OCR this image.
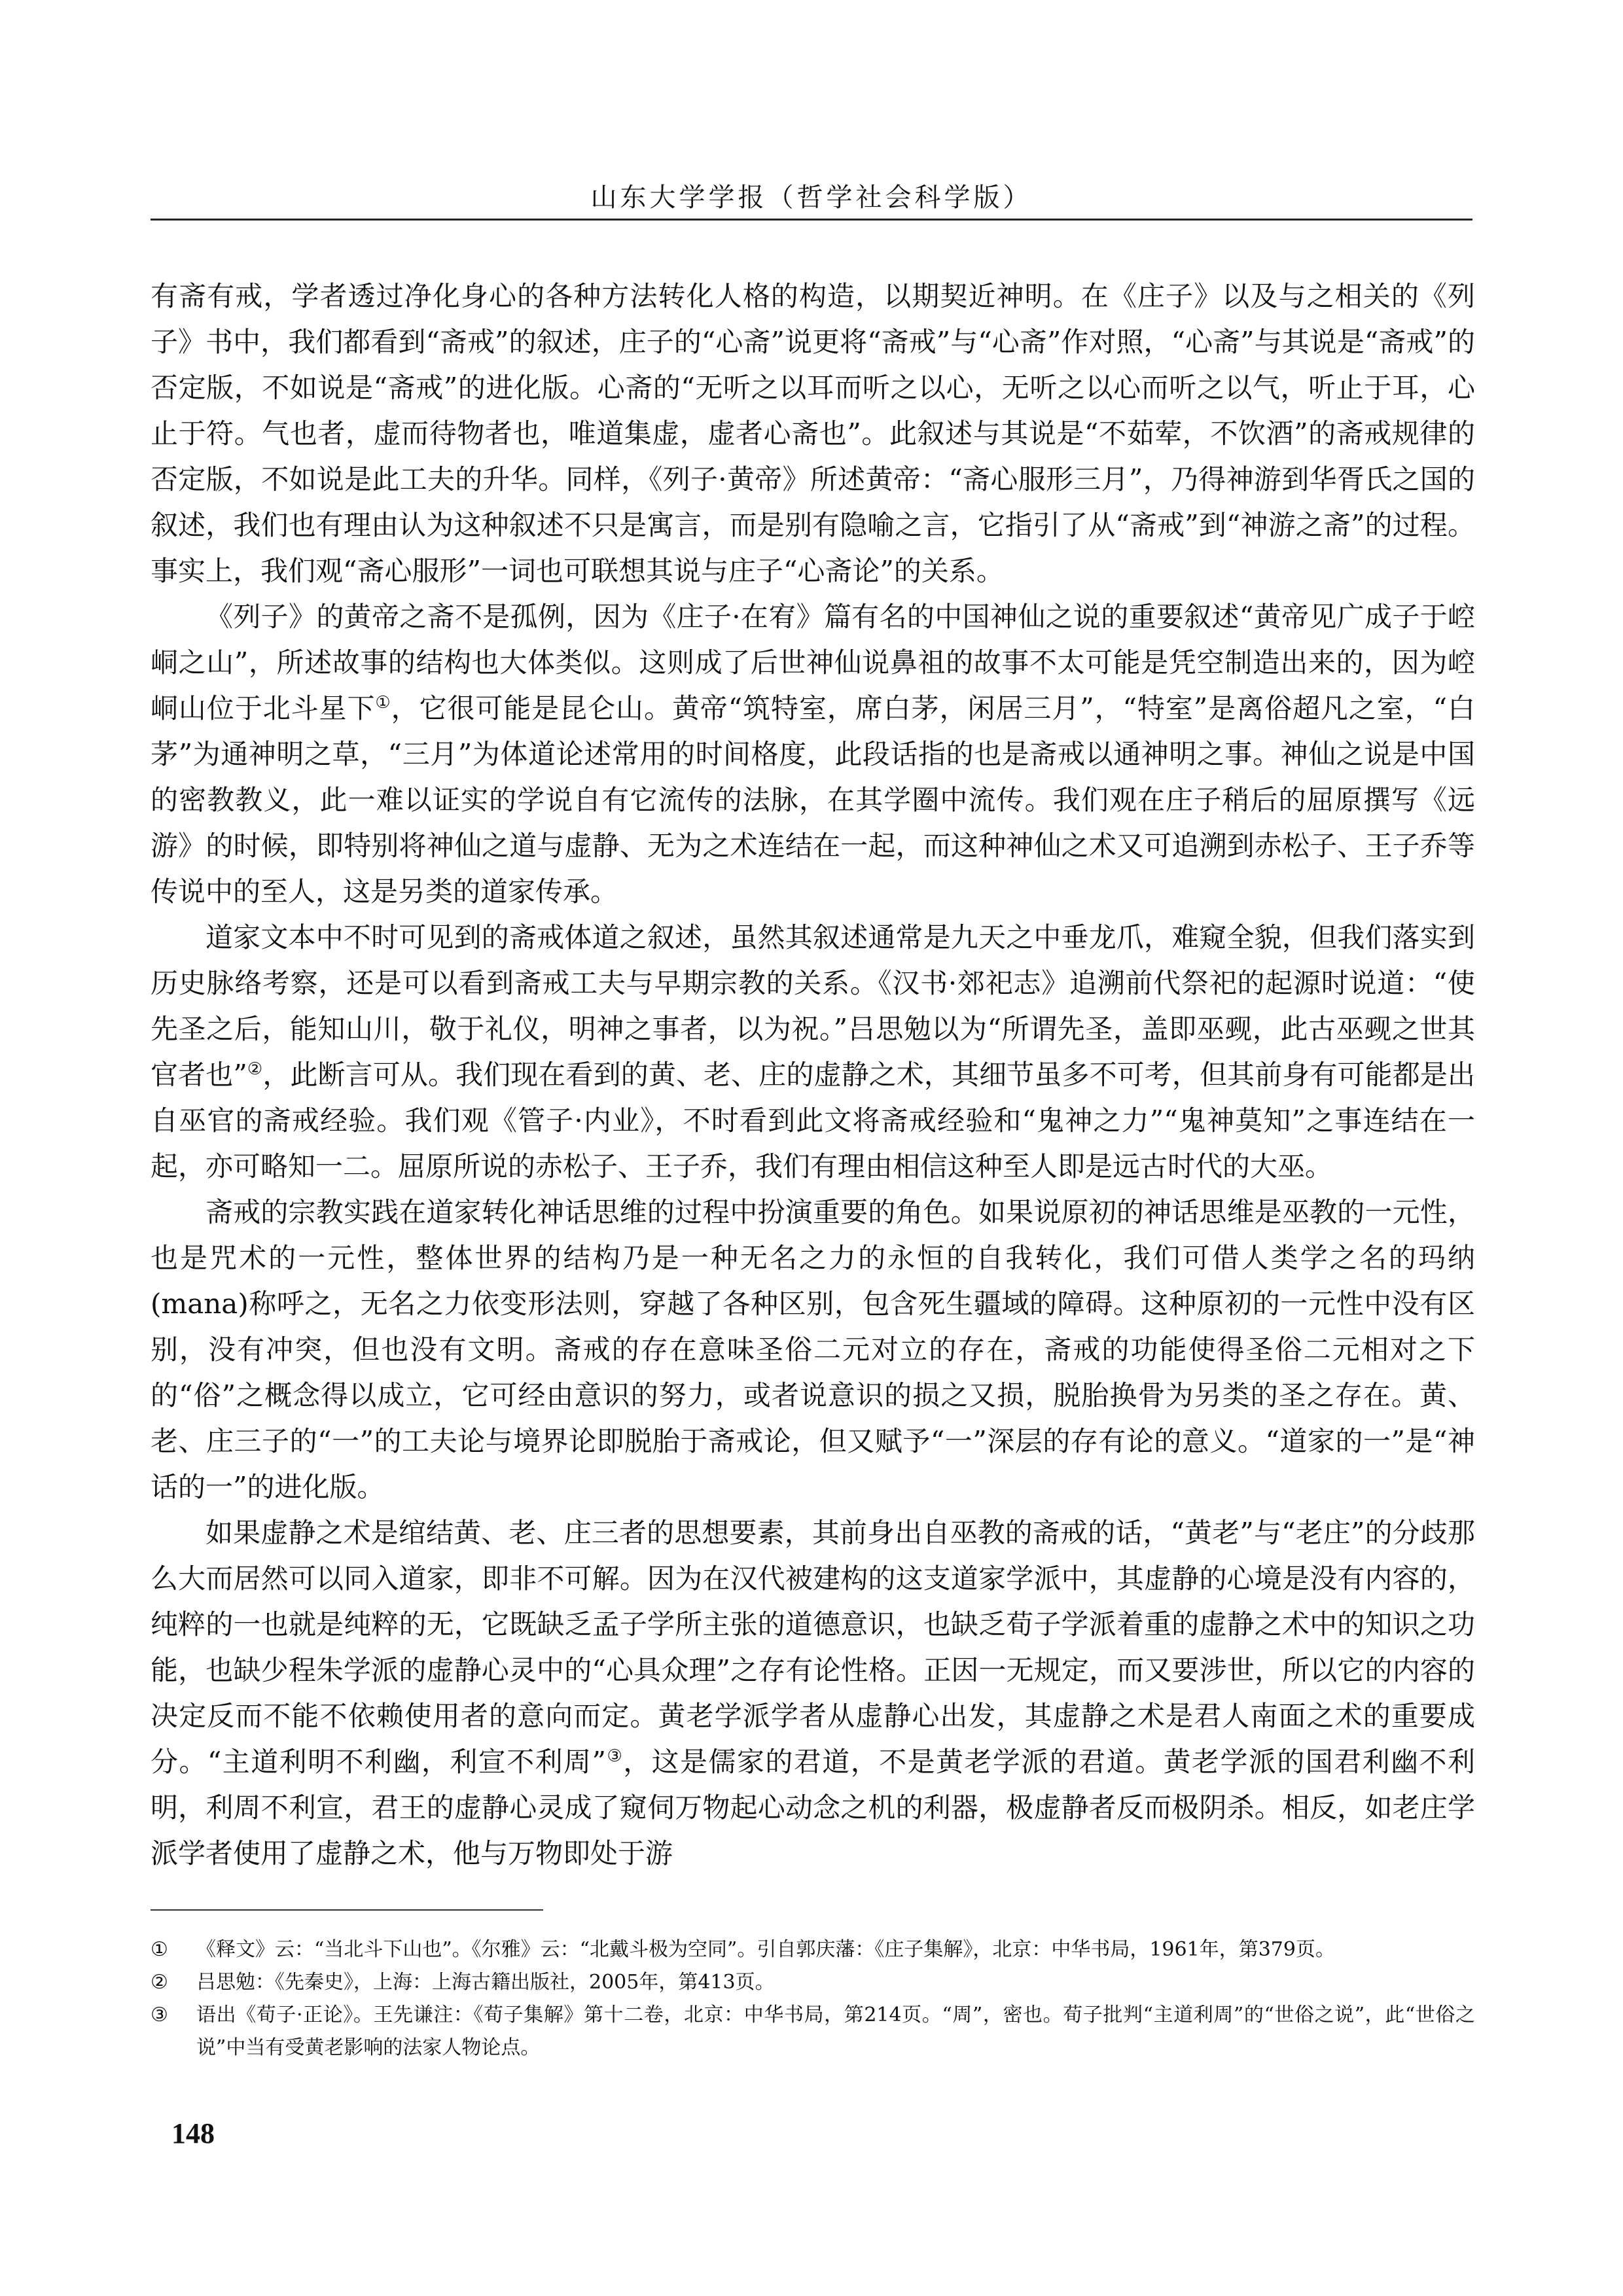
山东大学学报（哲学社会科学版）

有斋有戒，学者透过净化身心的各种方法转化人格的构造，以期契近神明。在《庄子》以及与之相关的《列子》书中，我们都看到“斋戒”的叙述，庄子的“心斋”说更将“斋戒”与“心斋”作对照，“心斋”与其说是“斋戒”的否定版，不如说是“斋戒”的进化版。心斋的“无听之以耳而听之以心，无听之以心而听之以气，听止于耳，心止于符。气也者，虚而待物者也，唯道集虚，虚者心斋也”。此叙述与其说是“不茹荤，不饮酒”的斋戒规律的否定版，不如说是此工夫的升华。同样，《列子·黄帝》所述黄帝：“斋心服形三月”，乃得神游到华胥氏之国的叙述，我们也有理由认为这种叙述不只是寓言，而是别有隐喻之言，它指引了从“斋戒”到“神游之斋”的过程。事实上，我们观“斋心服形”一词也可联想其说与庄子“心斋论”的关系。

《列子》的黄帝之斋不是孤例，因为《庄子·在宥》篇有名的中国神仙之说的重要叙述“黄帝见广成子于崆峒之山”，所述故事的结构也大体类似。这则成了后世神仙说鼻祖的故事不太可能是凭空制造出来的，因为崆峒山位于北斗星下①，它很可能是昆仑山。黄帝“筑特室，席白茅，闲居三月”，“特室”是离俗超凡之室，“白茅”为通神明之草，“三月”为体道论述常用的时间格度，此段话指的也是斋戒以通神明之事。神仙之说是中国的密教教义，此一难以证实的学说自有它流传的法脉，在其学圈中流传。我们观在庄子稍后的屈原撰写《远游》的时候，即特别将神仙之道与虚静、无为之术连结在一起，而这种神仙之术又可追溯到赤松子、王子乔等传说中的至人，这是另类的道家传承。

道家文本中不时可见到的斋戒体道之叙述，虽然其叙述通常是九天之中垂龙爪，难窥全貌，但我们落实到历史脉络考察，还是可以看到斋戒工夫与早期宗教的关系。《汉书·郊祀志》追溯前代祭祀的起源时说道：“使先圣之后，能知山川，敬于礼仪，明神之事者，以为祝。”吕思勉以为“所谓先圣，盖即巫觋，此古巫觋之世其官者也”②，此断言可从。我们现在看到的黄、老、庄的虚静之术，其细节虽多不可考，但其前身有可能都是出自巫官的斋戒经验。我们观《管子·内业》，不时看到此文将斋戒经验和“鬼神之力”“鬼神莫知”之事连结在一起，亦可略知一二。屈原所说的赤松子、王子乔，我们有理由相信这种至人即是远古时代的大巫。

斋戒的宗教实践在道家转化神话思维的过程中扮演重要的角色。如果说原初的神话思维是巫教的一元性，也是咒术的一元性，整体世界的结构乃是一种无名之力的永恒的自我转化，我们可借人类学之名的玛纳(mana)称呼之，无名之力依变形法则，穿越了各种区别，包含死生疆域的障碍。这种原初的一元性中没有区别，没有冲突，但也没有文明。斋戒的存在意味圣俗二元对立的存在，斋戒的功能使得圣俗二元相对之下的“俗”之概念得以成立，它可经由意识的努力，或者说意识的损之又损，脱胎换骨为另类的圣之存在。黄、老、庄三子的“一”的工夫论与境界论即脱胎于斋戒论，但又赋予“一”深层的存有论的意义。“道家的一”是“神话的一”的进化版。

如果虚静之术是绾结黄、老、庄三者的思想要素，其前身出自巫教的斋戒的话，“黄老”与“老庄”的分歧那么大而居然可以同入道家，即非不可解。因为在汉代被建构的这支道家学派中，其虚静的心境是没有内容的，纯粹的一也就是纯粹的无，它既缺乏孟子学所主张的道德意识，也缺乏荀子学派着重的虚静之术中的知识之功能，也缺少程朱学派的虚静心灵中的“心具众理”之存有论性格。正因一无规定，而又要涉世，所以它的内容的决定反而不能不依赖使用者的意向而定。黄老学派学者从虚静心出发，其虚静之术是君人南面之术的重要成分。“主道利明不利幽，利宣不利周”③，这是儒家的君道，不是黄老学派的君道。黄老学派的国君利幽不利明，利周不利宣，君王的虚静心灵成了窥伺万物起心动念之机的利器，极虚静者反而极阴杀。相反，如老庄学派学者使用了虚静之术，他与万物即处于游

①	《释文》云：“当北斗下山也”。《尔雅》云：“北戴斗极为空同”。引自郭庆藩：《庄子集解》，北京：中华书局，1961年，第379页。
②	吕思勉：《先秦史》，上海：上海古籍出版社，2005年，第413页。
③	语出《荀子·正论》。王先谦注：《荀子集解》第十二卷，北京：中华书局，第214页。“周”，密也。荀子批判“主道利周”的“世俗之说”，此“世俗之说”中当有受黄老影响的法家人物论点。
148
